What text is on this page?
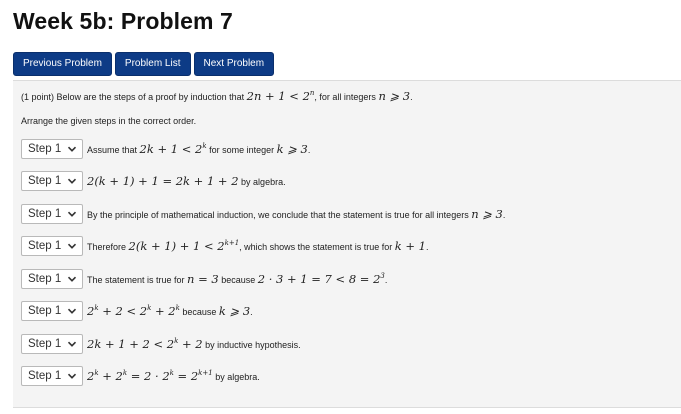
Week 5b: Problem 7
Previous Problem	Problem List	Next Problem
(1 point) Below are the steps of a proof by induction that $2n + 1 < 2^n$, for all integers n ⩾ 3.
Arrange the given steps in the correct order.
Step 1	Assume that $2k + 1 < 2^k$ for some integer k ⩾ 3.
Step 1 2(k + 1) + 1 = 2k + 1 + 2 by algebra.
Step 1	By the principle of mathematical induction, we conclude that the statement is true for all integers n ⩾ 3.
Step 1	Therefore $2(k + 1) + 1 < 2^{k+1}$, which shows the statement is true for k + 1.
Step 1	The statement is true for n = 3 because $2 \cdot 3 + 1 = 7 < 8 = 2^3$.
Step 1 $2^k + 2 < 2^k + 2^k$ because k ⩾ 3.
Step 1 $2k + 1 + 2 < 2^k + 2$ by inductive hypothesis.
Step 1 $2^k + 2^k = 2 \cdot 2^k = 2^{k+1}$ by algebra.
